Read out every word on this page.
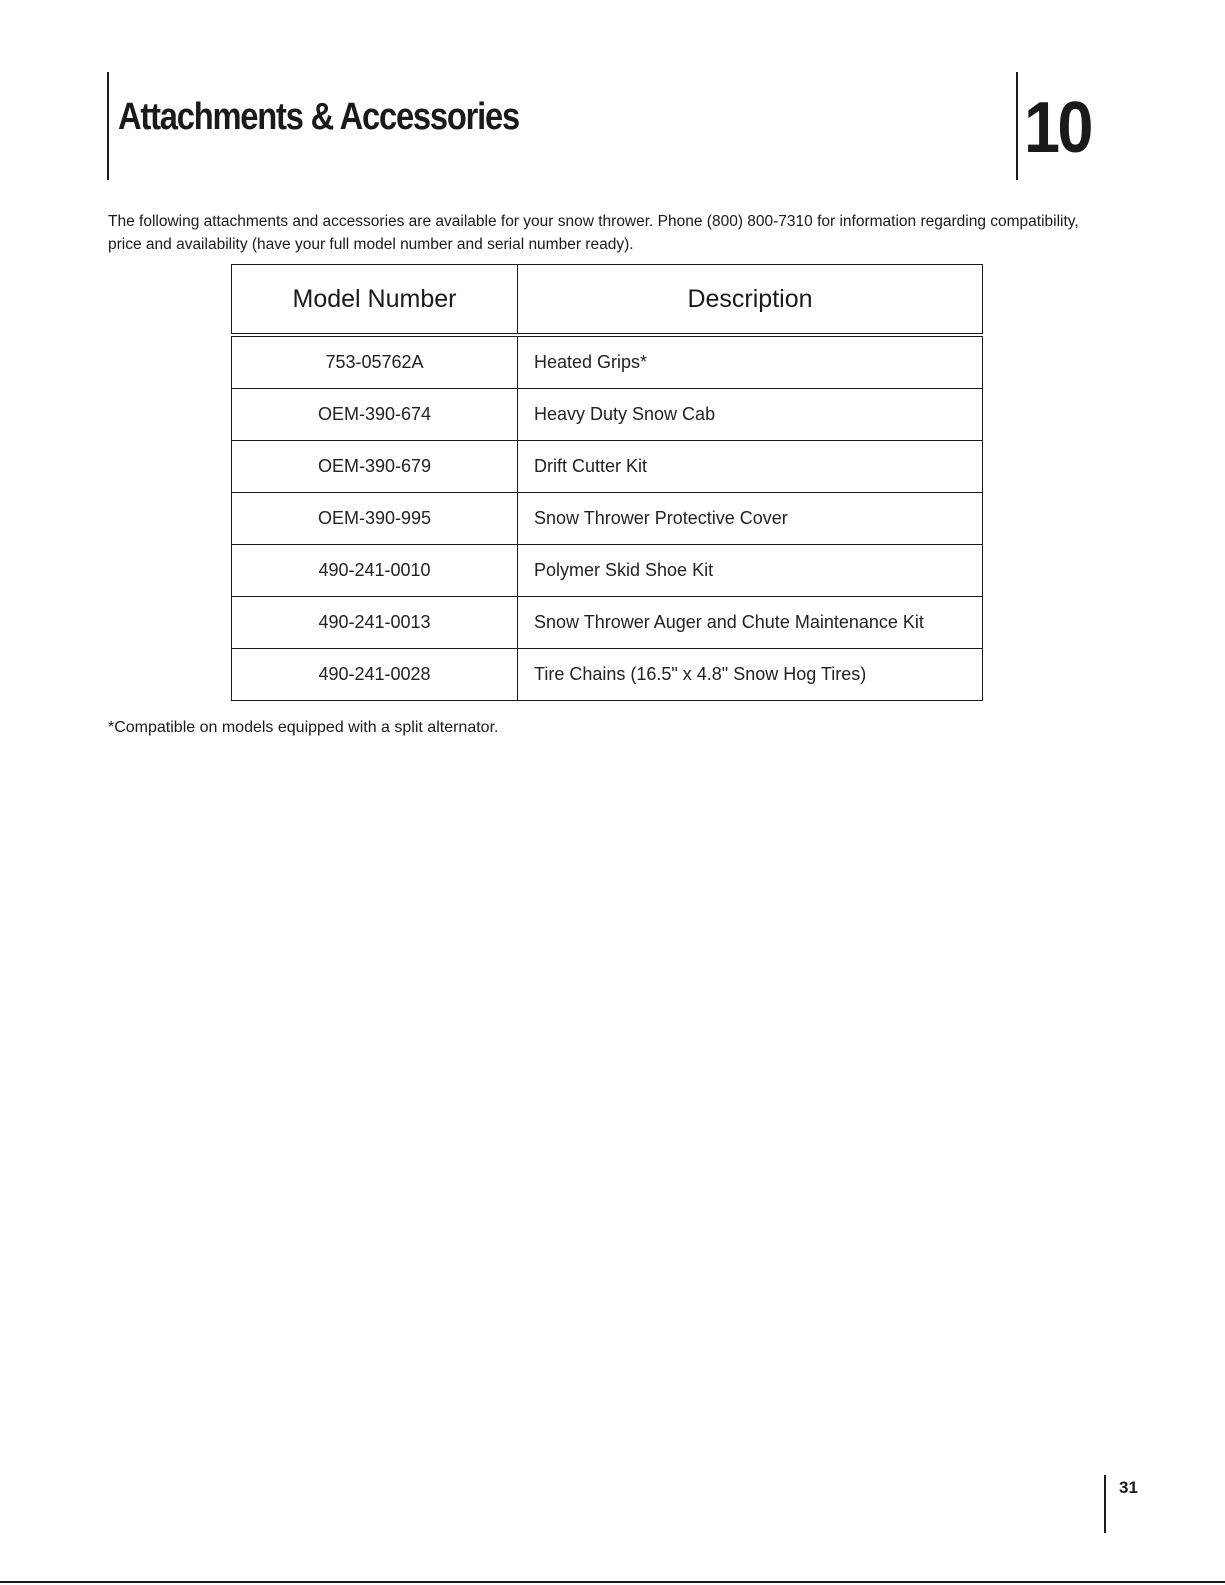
Attachments & Accessories	10

The following attachments and accessories are available for your snow thrower. Phone (800) 800-7310 for information regarding compatibility, price and availability (have your full model number and serial number ready).

Model Number	Description
753-05762A	Heated Grips*
OEM-390-674	Heavy Duty Snow Cab
OEM-390-679	Drift Cutter Kit
OEM-390-995	Snow Thrower Protective Cover
490-241-0010	Polymer Skid Shoe Kit
490-241-0013	Snow Thrower Auger and Chute Maintenance Kit
490-241-0028	Tire Chains (16.5" x 4.8" Snow Hog Tires)

*Compatible on models equipped with a split alternator.

31
